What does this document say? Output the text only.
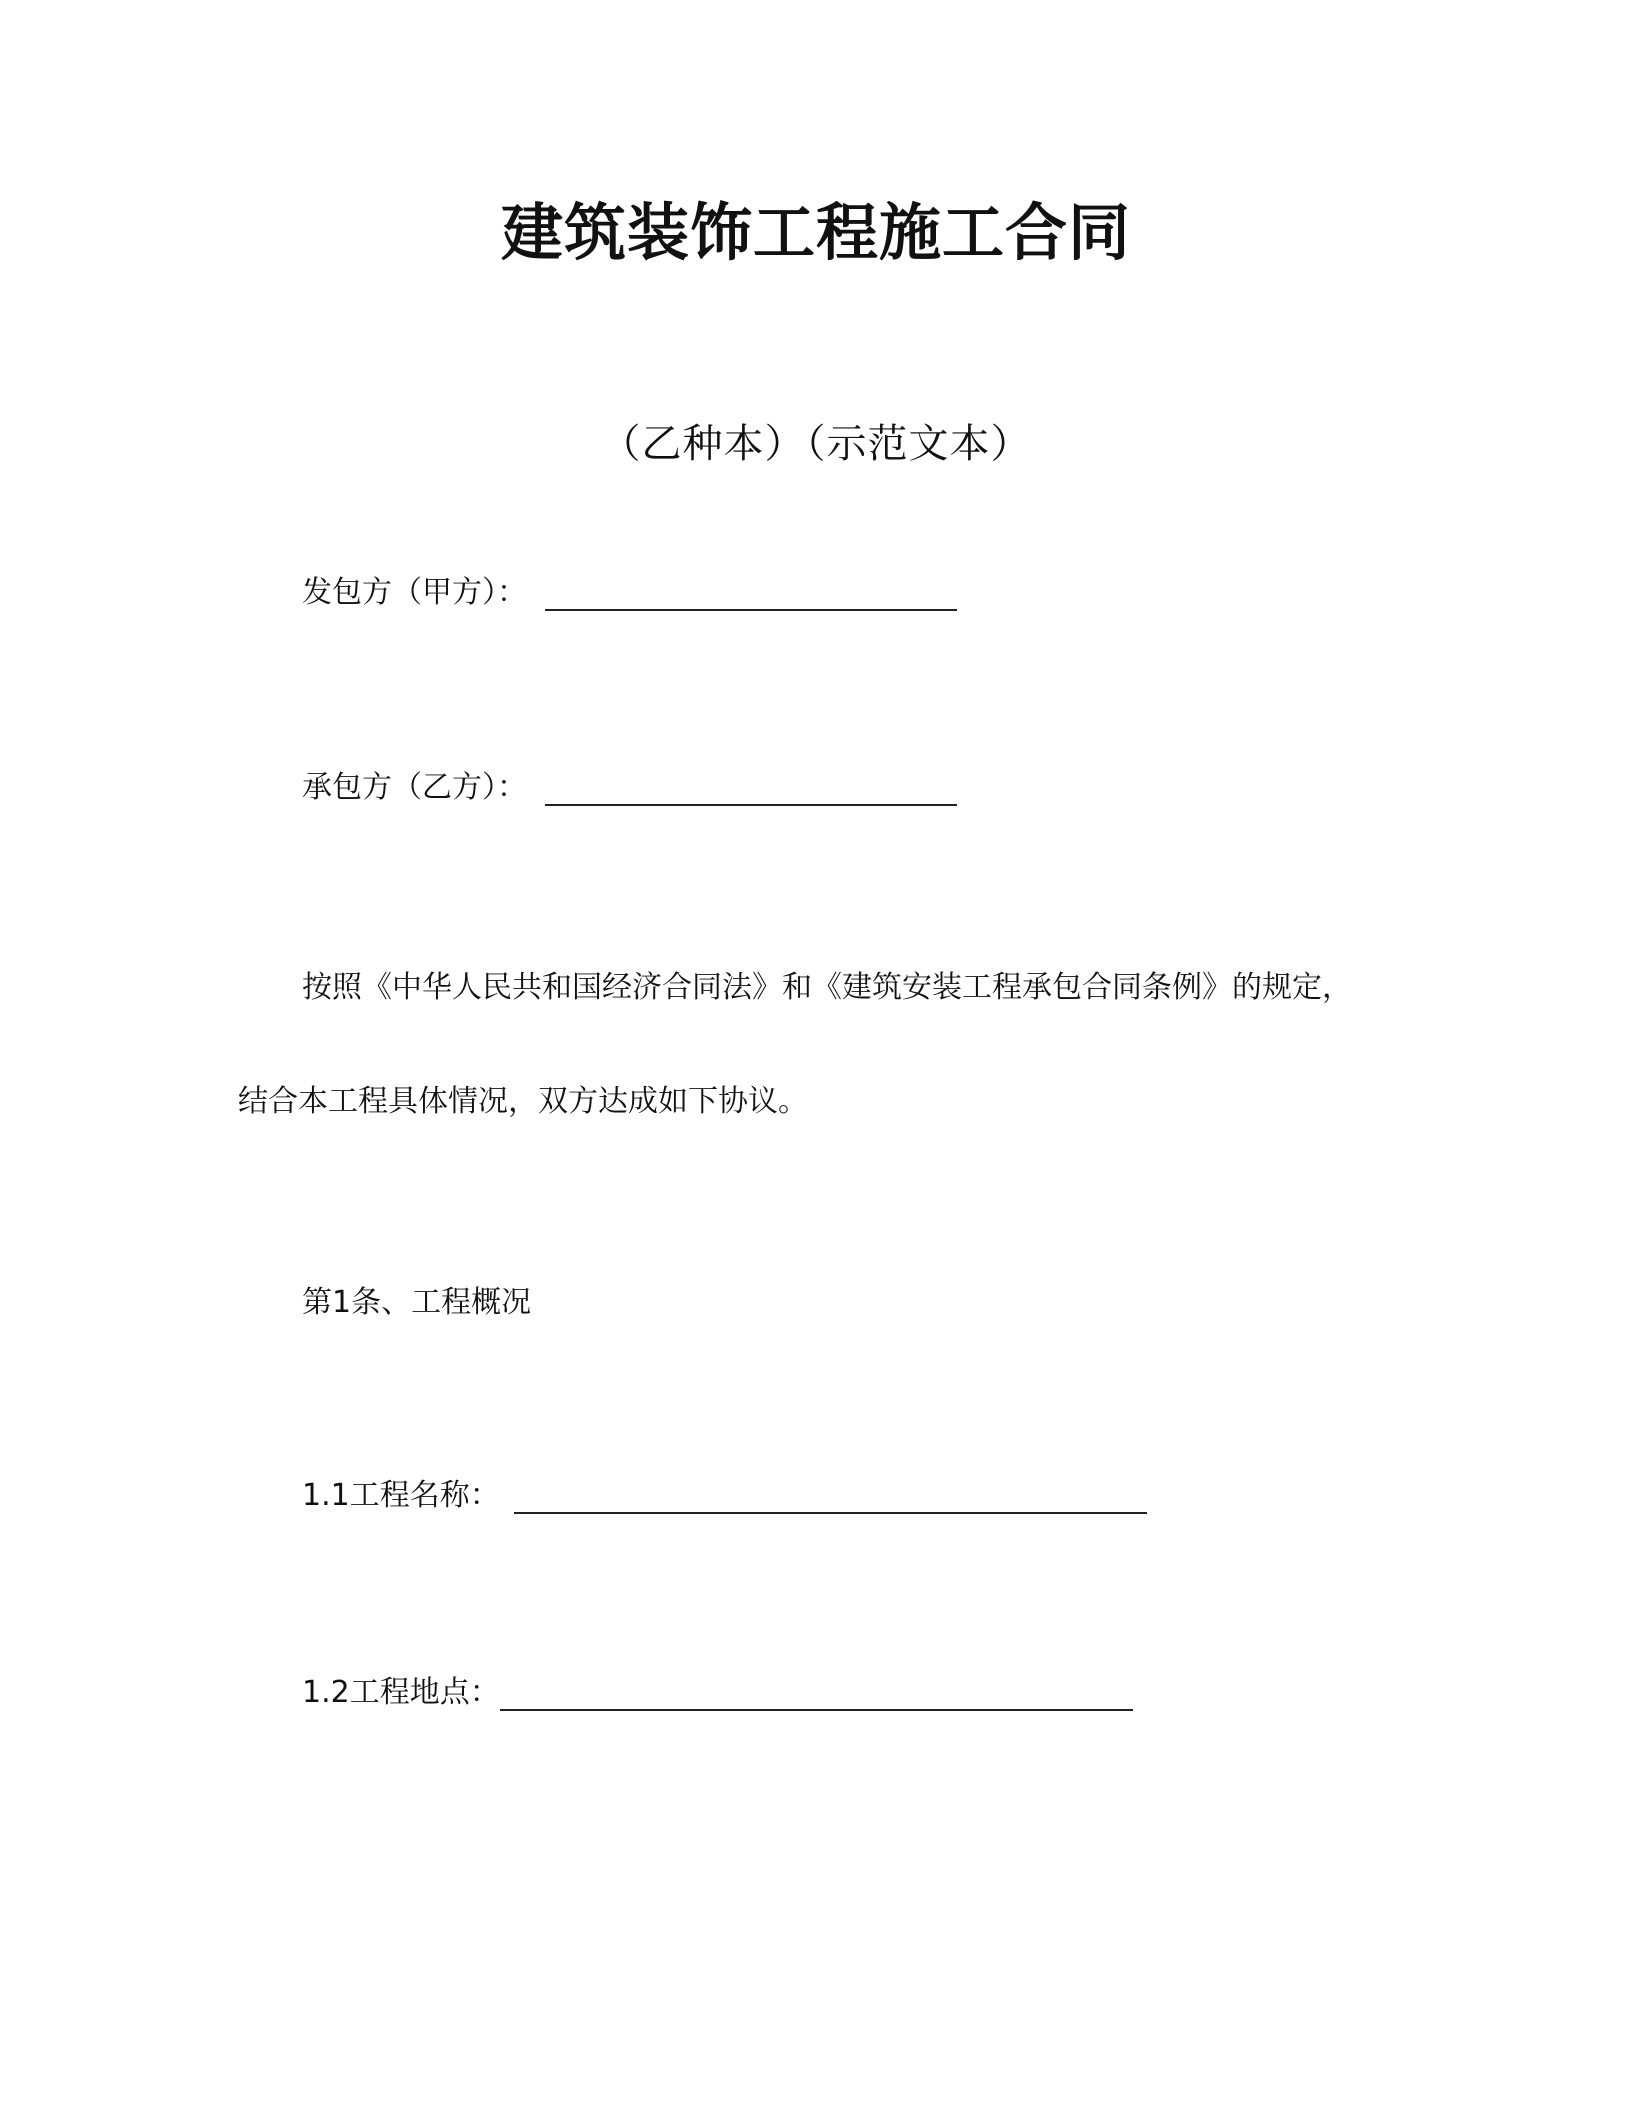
建筑装饰工程施工合同
（乙种本）（示范文本）
发包方（甲方）：
承包方（乙方）：
按照《中华人民共和国经济合同法》和《建筑安装工程承包合同条例》的规定，
结合本工程具体情况，双方达成如下协议。
第1条、工程概况
1.1工程名称：
1.2工程地点：
